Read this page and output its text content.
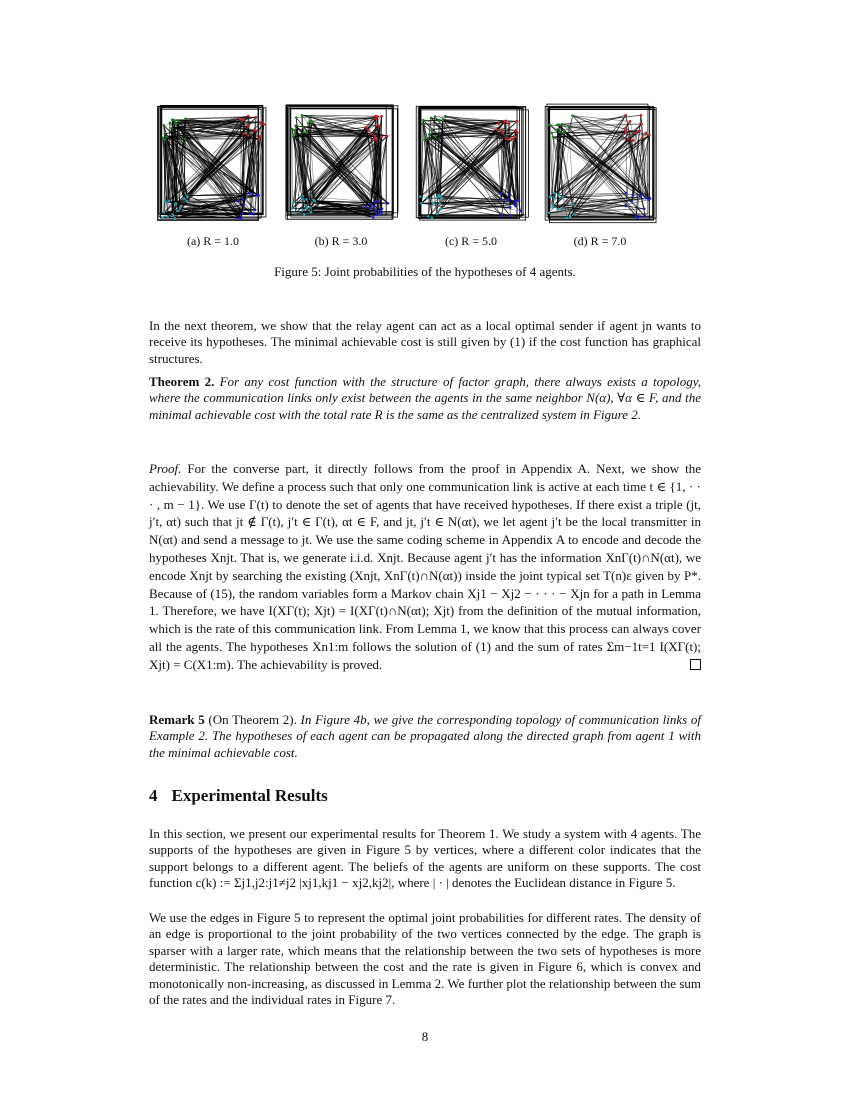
(a) R = 1.0	(b) R = 3.0	(c) R = 5.0	(d) R = 7.0
Figure 5: Joint probabilities of the hypotheses of 4 agents.

In the next theorem, we show that the relay agent can act as a local optimal sender if agent jn wants to receive its hypotheses. The minimal achievable cost is still given by (1) if the cost function has graphical structures.

Theorem 2. For any cost function with the structure of factor graph, there always exists a topology, where the communication links only exist between the agents in the same neighbor N(α), ∀α ∈ F, and the minimal achievable cost with the total rate R is the same as the centralized system in Figure 2.

Proof. For the converse part, it directly follows from the proof in Appendix A. Next, we show the achievability. We define a process such that only one communication link is active at each time t ∈ {1, · · · , m − 1}. We use Γ(t) to denote the set of agents that have received hypotheses. If there exist a triple (jt, j′t, αt) such that jt ∉ Γ(t), j′t ∈ Γ(t), αt ∈ F, and jt, j′t ∈ N(αt), we let agent j′t be the local transmitter in N(αt) and send a message to jt. We use the same coding scheme in Appendix A to encode and decode the hypotheses Xnjt. That is, we generate i.i.d. Xnjt. Because agent j′t has the information XnΓ(t)∩N(αt), we encode Xnjt by searching the existing (Xnjt, XnΓ(t)∩N(αt)) inside the joint typical set T(n)ε given by P*. Because of (15), the random variables form a Markov chain Xj1 − Xj2 − · · · − Xjn for a path in Lemma 1. Therefore, we have I(XΓ(t); Xjt) = I(XΓ(t)∩N(αt); Xjt) from the definition of the mutual information, which is the rate of this communication link. From Lemma 1, we know that this process can always cover all the agents. The hypotheses Xn1:m follows the solution of (1) and the sum of rates Σm−1t=1 I(XΓ(t); Xjt) = C(X1:m). The achievability is proved.

Remark 5 (On Theorem 2). In Figure 4b, we give the corresponding topology of communication links of Example 2. The hypotheses of each agent can be propagated along the directed graph from agent 1 with the minimal achievable cost.

4 Experimental Results

In this section, we present our experimental results for Theorem 1. We study a system with 4 agents. The supports of the hypotheses are given in Figure 5 by vertices, where a different color indicates that the support belongs to a different agent. The beliefs of the agents are uniform on these supports. The cost function c(k) := Σj1,j2:j1≠j2 |xj1,kj1 − xj2,kj2|, where | · | denotes the Euclidean distance in Figure 5.

We use the edges in Figure 5 to represent the optimal joint probabilities for different rates. The density of an edge is proportional to the joint probability of the two vertices connected by the edge. The graph is sparser with a larger rate, which means that the relationship between the two sets of hypotheses is more deterministic. The relationship between the cost and the rate is given in Figure 6, which is convex and monotonically non-increasing, as discussed in Lemma 2. We further plot the relationship between the sum of the rates and the individual rates in Figure 7.

8
